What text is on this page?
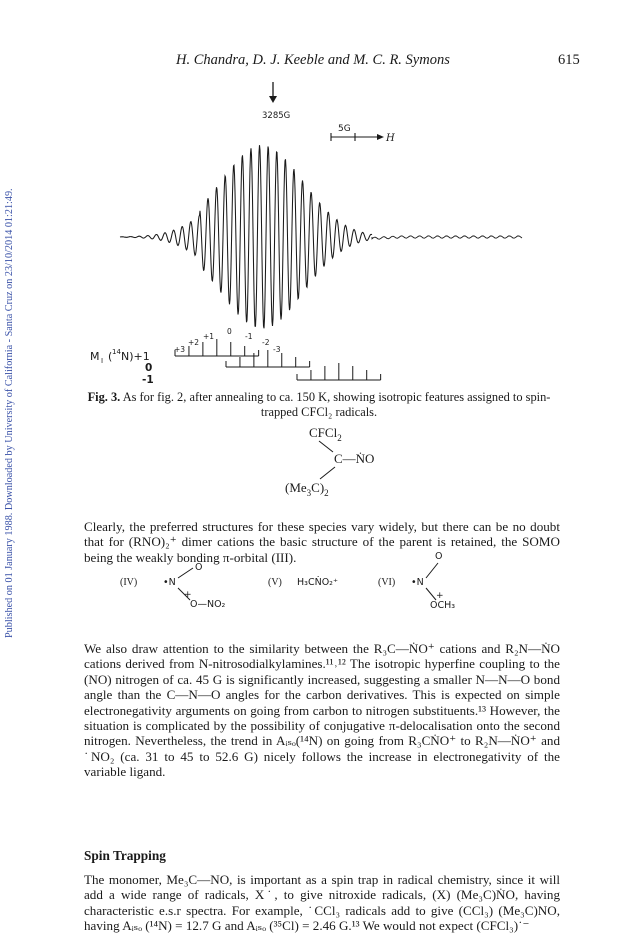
H. Chandra, D. J. Keeble and M. C. R. Symons	615
Published on 01 January 1988. Downloaded by University of California - Santa Cruz on 23/10/2014 01:21:49.
3285G
5G
H
+3
+2
+1
0
-1
-2
-3
M I ( 14 N)+1
0
-1
Fig. 3. As for fig. 2, after annealing to ca. 150 K, showing isotropic features assigned to spin-trapped CFCl₂ radicals.
CFCl$_2$
C—ṄO
$(Me_3C)_2$
Clearly, the preferred structures for these species vary widely, but there can be no doubt that for (RNO)₂⁺ dimer cations the basic structure of the parent is retained, the SOMO being the weakly bonding π-orbital (III).
(IV)	•N
O
+
O—NO₂
(V) H₃CṄO₂⁺	(VI) •N
O
+
OCH₃
We also draw attention to the similarity between the R₃C—ṄO⁺ cations and R₂N—ṄO cations derived from N-nitrosodialkylamines.¹¹˒¹² The isotropic hyperfine coupling to the (NO) nitrogen of ca. 45 G is significantly increased, suggesting a smaller N—N—O bond angle than the C—N—O angles for the carbon derivatives. This is expected on simple electronegativity arguments on going from carbon to nitrogen substituents.¹³ However, the situation is complicated by the possibility of conjugative π-delocalisation onto the second nitrogen. Nevertheless, the trend in Aᵢₛₒ(¹⁴N) on going from R₃CṄO⁺ to R₂N—ṄO⁺ and ˙NO₂ (ca. 31 to 45 to 52.6 G) nicely follows the increase in electronegativity of the variable ligand.
Spin Trapping
The monomer, Me₃C—NO, is important as a spin trap in radical chemistry, since it will add a wide range of radicals, X˙, to give nitroxide radicals, (X) (Me₃C)ṄO, having characteristic e.s.r spectra. For example, ˙CCl₃ radicals add to give (CCl₃) (Me₃C)NO, having Aᵢₛₒ (¹⁴N) = 12.7 G and Aᵢₛₒ (³⁵Cl) = 2.46 G.¹³ We would not expect (CFCl₃)˙⁻
